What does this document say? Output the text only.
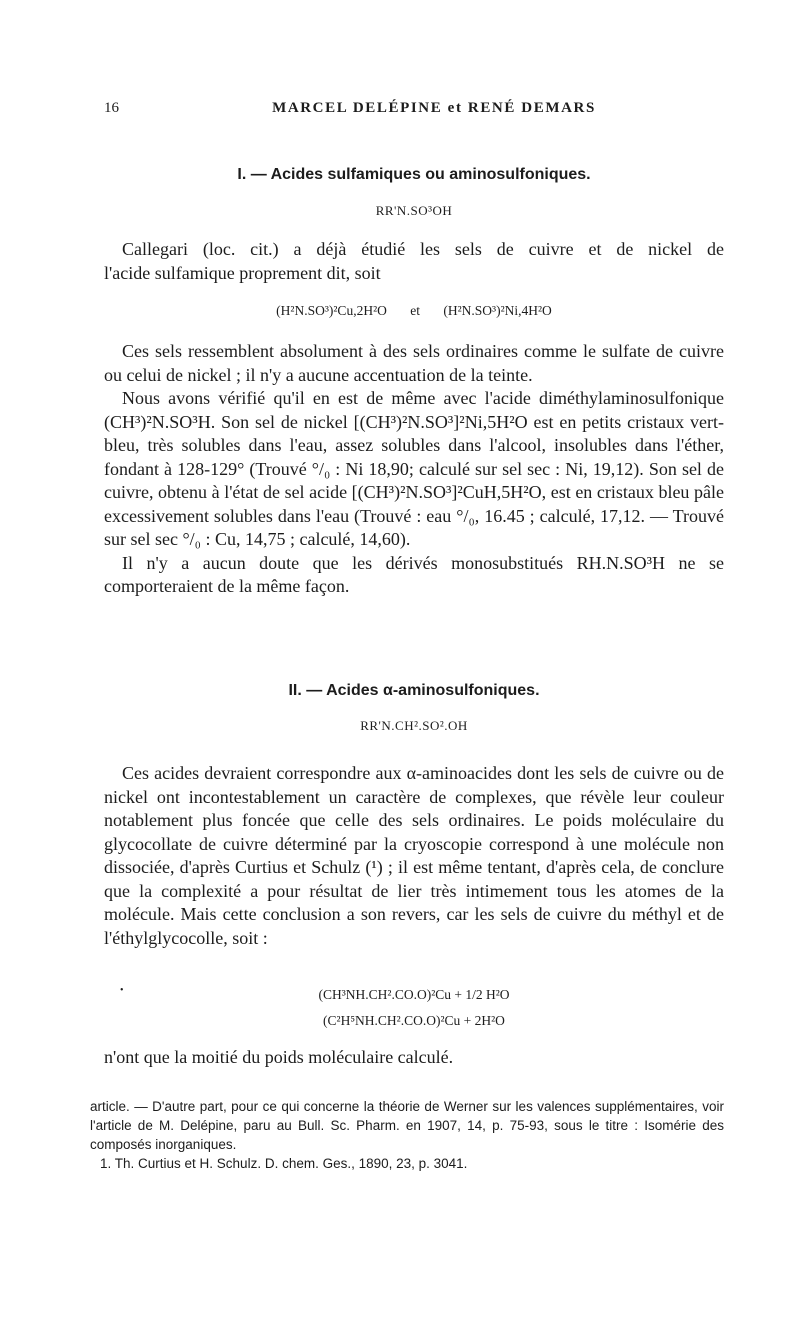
16	MARCEL DELÉPINE et RENÉ DEMARS
I. — Acides sulfamiques ou aminosulfoniques.
RR'N.SO³OH

Callegari (loc. cit.) a déjà étudié les sels de cuivre et de nickel de

l'acide sulfamique proprement dit, soit

(H²N.SO³)²Cu,2H²O et (H²N.SO³)²Ni,4H²O

Ces sels ressemblent absolument à des sels ordinaires comme le sulfate de cuivre ou celui de nickel ; il n'y a aucune accentuation de la teinte.

Nous avons vérifié qu'il en est de même avec l'acide diméthylaminosulfonique (CH³)²N.SO³H. Son sel de nickel [(CH³)²N.SO³]²Ni,5H²O est en petits cristaux vert-bleu, très solubles dans l'eau, assez solubles dans l'alcool, insolubles dans l'éther, fondant à 128-129° (Trouvé °/₀ : Ni 18,90; calculé sur sel sec : Ni, 19,12). Son sel de cuivre, obtenu à l'état de sel acide [(CH³)²N.SO³]²CuH,5H²O, est en cristaux bleu pâle excessivement solubles dans l'eau (Trouvé : eau °/₀, 16.45 ; calculé, 17,12. — Trouvé sur sel sec °/₀ : Cu, 14,75 ; calculé, 14,60).

Il n'y a aucun doute que les dérivés monosubstitués RH.N.SO³H ne se comporteraient de la même façon.

II. — Acides α-aminosulfoniques.
RR'N.CH².SO².OH

Ces acides devraient correspondre aux α-aminoacides dont les sels de cuivre ou de nickel ont incontestablement un caractère de complexes, que révèle leur couleur notablement plus foncée que celle des sels ordinaires. Le poids moléculaire du glycocollate de cuivre déterminé par la cryoscopie correspond à une molécule non dissociée, d'après Curtius et Schulz (¹) ; il est même tentant, d'après cela, de conclure que la complexité a pour résultat de lier très intimement tous les atomes de la molécule. Mais cette conclusion a son revers, car les sels de cuivre du méthyl et de l'éthylglycocolle, soit :

•	(CH³NH.CH².CO.O)²Cu + 1/2 H²O
(C²H⁵NH.CH².CO.O)²Cu + 2H²O

n'ont que la moitié du poids moléculaire calculé.

article. — D'autre part, pour ce qui concerne la théorie de Werner sur les valences supplémentaires, voir l'article de M. Delépine, paru au Bull. Sc. Pharm. en 1907, 14, p. 75-93, sous le titre : Isomérie des composés inorganiques.

1. Th. Curtius et H. Schulz. D. chem. Ges., 1890, 23, p. 3041.
